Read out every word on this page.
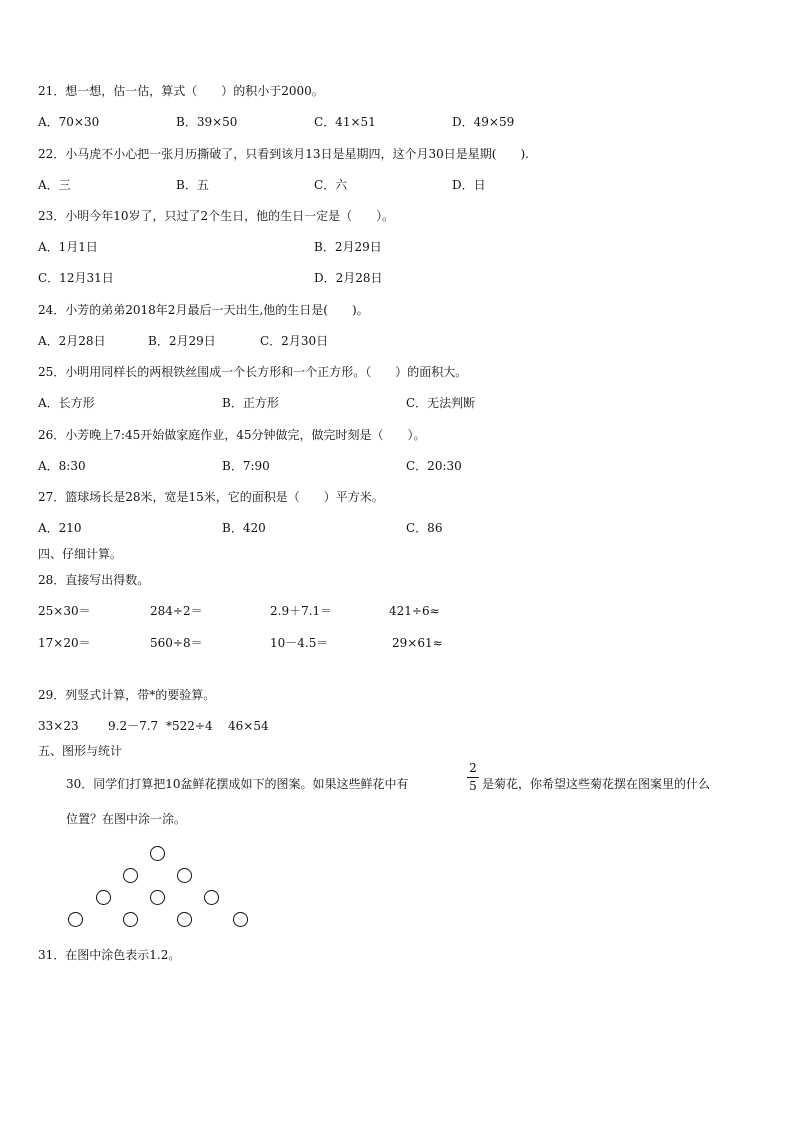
21．想一想，估一估，算式（　　）的积小于2000。
A．70×30	B．39×50	C．41×51	D．49×59
22．小马虎不小心把一张月历撕破了，只看到该月13日是星期四，这个月30日是星期(　　).
A．三	B．五	C．六	D．日
23．小明今年10岁了，只过了2个生日，他的生日一定是（　　）。
A．1月1日	B．2月29日
C．12月31日	D．2月28日
24．小芳的弟弟2018年2月最后一天出生,他的生日是(　　)。
A．2月28日	B．2月29日	C．2月30日
25．小明用同样长的两根铁丝围成一个长方形和一个正方形。（　　）的面积大。
A．长方形	B．正方形	C．无法判断
26．小芳晚上7:45开始做家庭作业，45分钟做完，做完时刻是（　　）。
A．8:30	B．7:90	C．20:30
27．篮球场长是28米，宽是15米，它的面积是（　　）平方米。
A．210	B．420	C．86
四、仔细计算。
28．直接写出得数。
25×30＝	284÷2＝	2.9＋7.1＝	421÷6≈
17×20＝	560÷8＝	10－4.5＝	29×61≈
29．列竖式计算，带*的要验算。
33×23 9.2－7.7 *522÷4 46×54
五、图形与统计
30．同学们打算把10盆鲜花摆成如下的图案。如果这些鲜花中有
2
5 是菊花，你希望这些菊花摆在图案里的什么
位置？在图中涂一涂。
31．在图中涂色表示1.2。
